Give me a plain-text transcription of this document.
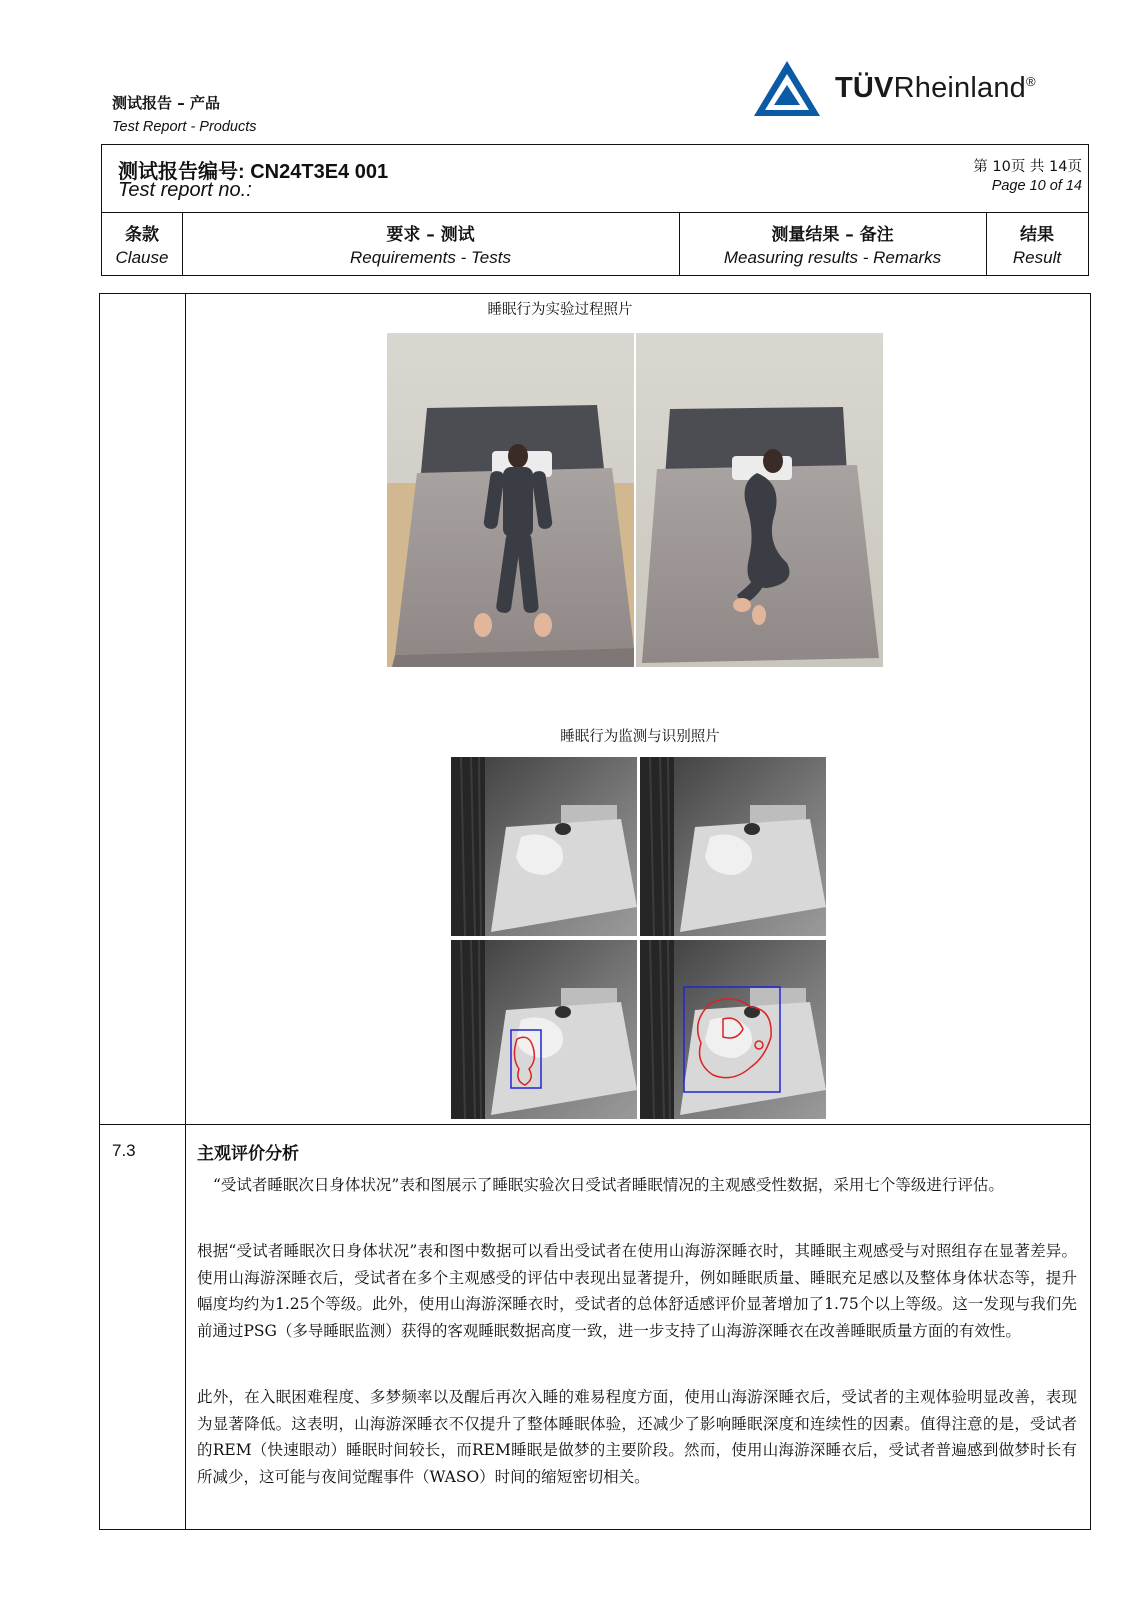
测试报告 – 产品
Test Report - Products
TÜVRheinland®
测试报告编号: CN24T3E4 001
Test report no.:
第 10页 共 14页
Page 10 of 14
条款
Clause
要求 – 测试
Requirements - Tests
测量结果 – 备注
Measuring results - Remarks
结果
Result
睡眠行为实验过程照片
睡眠行为监测与识别照片
7.3	主观评价分析
“受试者睡眠次日身体状况”表和图展示了睡眠实验次日受试者睡眠情况的主观感受性数据，采用七个等级进行评估。
根据“受试者睡眠次日身体状况”表和图中数据可以看出受试者在使用山海游深睡衣时，其睡眠主观感受与对照组存在显著差异。使用山海游深睡衣后，受试者在多个主观感受的评估中表现出显著提升，例如睡眠质量、睡眠充足感以及整体身体状态等，提升幅度均约为1.25个等级。此外，使用山海游深睡衣时，受试者的总体舒适感评价显著增加了1.75个以上等级。这一发现与我们先前通过PSG（多导睡眠监测）获得的客观睡眠数据高度一致，进一步支持了山海游深睡衣在改善睡眠质量方面的有效性。
此外，在入眠困难程度、多梦频率以及醒后再次入睡的难易程度方面，使用山海游深睡衣后，受试者的主观体验明显改善，表现为显著降低。这表明，山海游深睡衣不仅提升了整体睡眠体验，还减少了影响睡眠深度和连续性的因素。值得注意的是，受试者的REM（快速眼动）睡眠时间较长，而REM睡眠是做梦的主要阶段。然而，使用山海游深睡衣后，受试者普遍感到做梦时长有所减少，这可能与夜间觉醒事件（WASO）时间的缩短密切相关。
